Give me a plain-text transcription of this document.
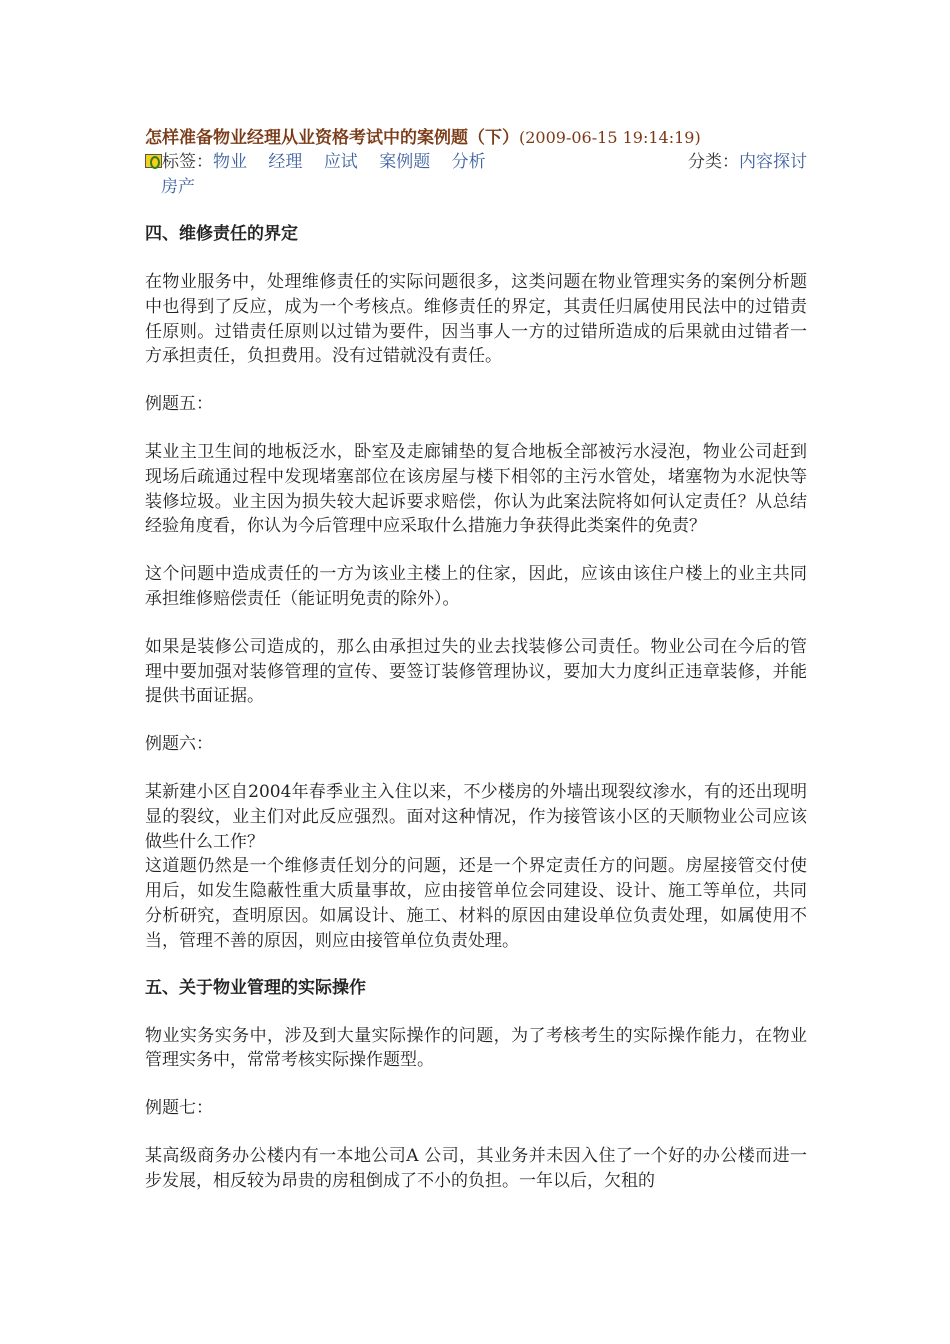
怎样准备物业经理从业资格考试中的案例题（下）(2009-06-15 19:14:19)
标签：物业 经理 应试 案例题 分析 房产
分类：内容探讨
四、维修责任的界定

在物业服务中，处理维修责任的实际问题很多，这类问题在物业管理实务的案例分析题中也得到了反应，成为一个考核点。维修责任的界定，其责任归属使用民法中的过错责任原则。过错责任原则以过错为要件，因当事人一方的过错所造成的后果就由过错者一方承担责任，负担费用。没有过错就没有责任。

例题五：

某业主卫生间的地板泛水，卧室及走廊铺垫的复合地板全部被污水浸泡，物业公司赶到现场后疏通过程中发现堵塞部位在该房屋与楼下相邻的主污水管处，堵塞物为水泥快等装修垃圾。业主因为损失较大起诉要求赔偿，你认为此案法院将如何认定责任？从总结经验角度看，你认为今后管理中应采取什么措施力争获得此类案件的免责？

这个问题中造成责任的一方为该业主楼上的住家，因此，应该由该住户楼上的业主共同承担维修赔偿责任（能证明免责的除外）。

如果是装修公司造成的，那么由承担过失的业去找装修公司责任。物业公司在今后的管理中要加强对装修管理的宣传、要签订装修管理协议，要加大力度纠正违章装修，并能提供书面证据。

例题六：

某新建小区自2004年春季业主入住以来，不少楼房的外墙出现裂纹渗水，有的还出现明显的裂纹，业主们对此反应强烈。面对这种情况，作为接管该小区的天顺物业公司应该做些什么工作？

这道题仍然是一个维修责任划分的问题，还是一个界定责任方的问题。房屋接管交付使用后，如发生隐蔽性重大质量事故，应由接管单位会同建设、设计、施工等单位，共同分析研究，查明原因。如属设计、施工、材料的原因由建设单位负责处理，如属使用不当，管理不善的原因，则应由接管单位负责处理。

五、关于物业管理的实际操作

物业实务实务中，涉及到大量实际操作的问题，为了考核考生的实际操作能力，在物业管理实务中，常常考核实际操作题型。

例题七：

某高级商务办公楼内有一本地公司A 公司，其业务并未因入住了一个好的办公楼而进一步发展，相反较为昂贵的房租倒成了不小的负担。一年以后，欠租的
